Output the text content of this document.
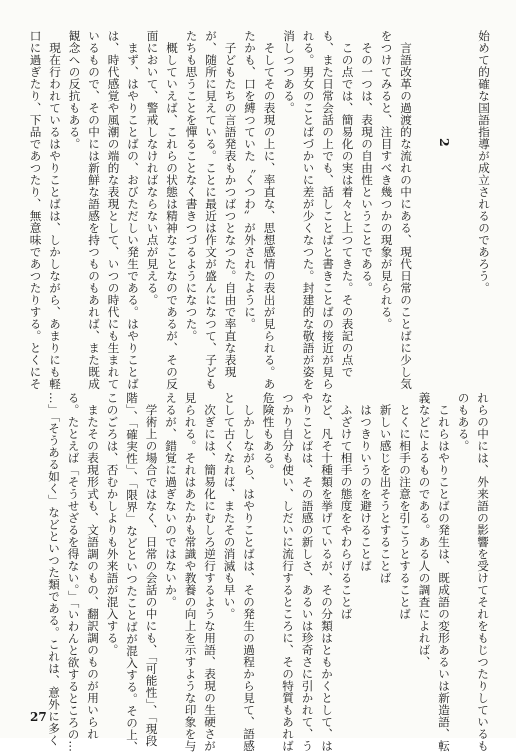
始めて的確な国語指導が成立されるのであろう。

2

　言語改革の過渡的な流れの中にある、現代日常のことばに少し気
をつけてみると、注目すべき幾つかの現象が見られる。
　その一つは、表現の自由性ということである。
　この点では、簡易化の実は着々と上つてきた。その表記の点で
も、また日常会話の上でも、話しことばと書きことばの接近が見ら
れる。男女のことばづかいに差が少くなつた。封建的な敬語が姿を
消しつつある。
　そしてその表現の上に、率直な、思想感情の表出が見られる。あ
たかも、口を縛つていた〝くつわ〟が外されたように。
　子どもたちの言語発表もかつばつとなつた。自由で率直な表現
が、随所に見えている。ことに最近は作文が盛んになつて、子ども
たちも思うことを憚ることなく書きつづるようになつた。
　概していえば、これらの状態は精神なことなのであるが、その反
面において、警戒しなければならない点が見える。
　まず、はやりことばの、おびただしい発生である。はやりことば
は、時代感覚や風潮の端的な表現として、いつの時代にも生まれて
いるもので、その中には新鮮な語感を持つものもあれば、また既成
観念への反抗もある。
　現在行われているはやりことばは、しかしながら、あまりにも軽
口に過ぎたり、下品であつたり、無意味であつたりする。とくにそ
れらの中には、外来語の影響を受けてそれをもじつたりしているも
のもある。
　これらはやりことばの発生は、既成語の変形あるいは新造語、転
義などによるものである。ある人の調査によれば、
　とくに相手の注意を引こうとすることば
　新しい感じを出そうとすることば
　はつきりいうのを避けることば
　ふざけて相手の態度をやわらげることば
など、凡そ十種類を挙げているが、その分類はともかくとして、は
やりことばは、その語感の新しさ、あるいは珍奇さに引かれて、う
つかり自分も使い、しだいに流行するところに、その特質もあれば
危険性もある。
　しかしながら、はやりことばは、その発生の過程から見て、語感
として古くなれば、またその消滅も早い。
　次ぎには、簡易化にむしろ逆行するような用語、表現の生硬さが
見られる。それはあたかも常識や教養の向上を示すような印象を与
えるが、錯覚に過ぎないのではないか。
　学術上の場合ではなく、日常の会話の中にも、「可能性」、「現段
階」、「確実性」、「限界」などといつたことばが混入する。その上、
このごろは、否むかしよりも外来語が混入する。
　またその表現形式も、文語調のもの、翻訳調のものが用いられ
る。たとえば「そうせざるを得ない。」「いわんと欲するところの…
…」「そうある如く」などといつた類である。これは、意外に多く
27
